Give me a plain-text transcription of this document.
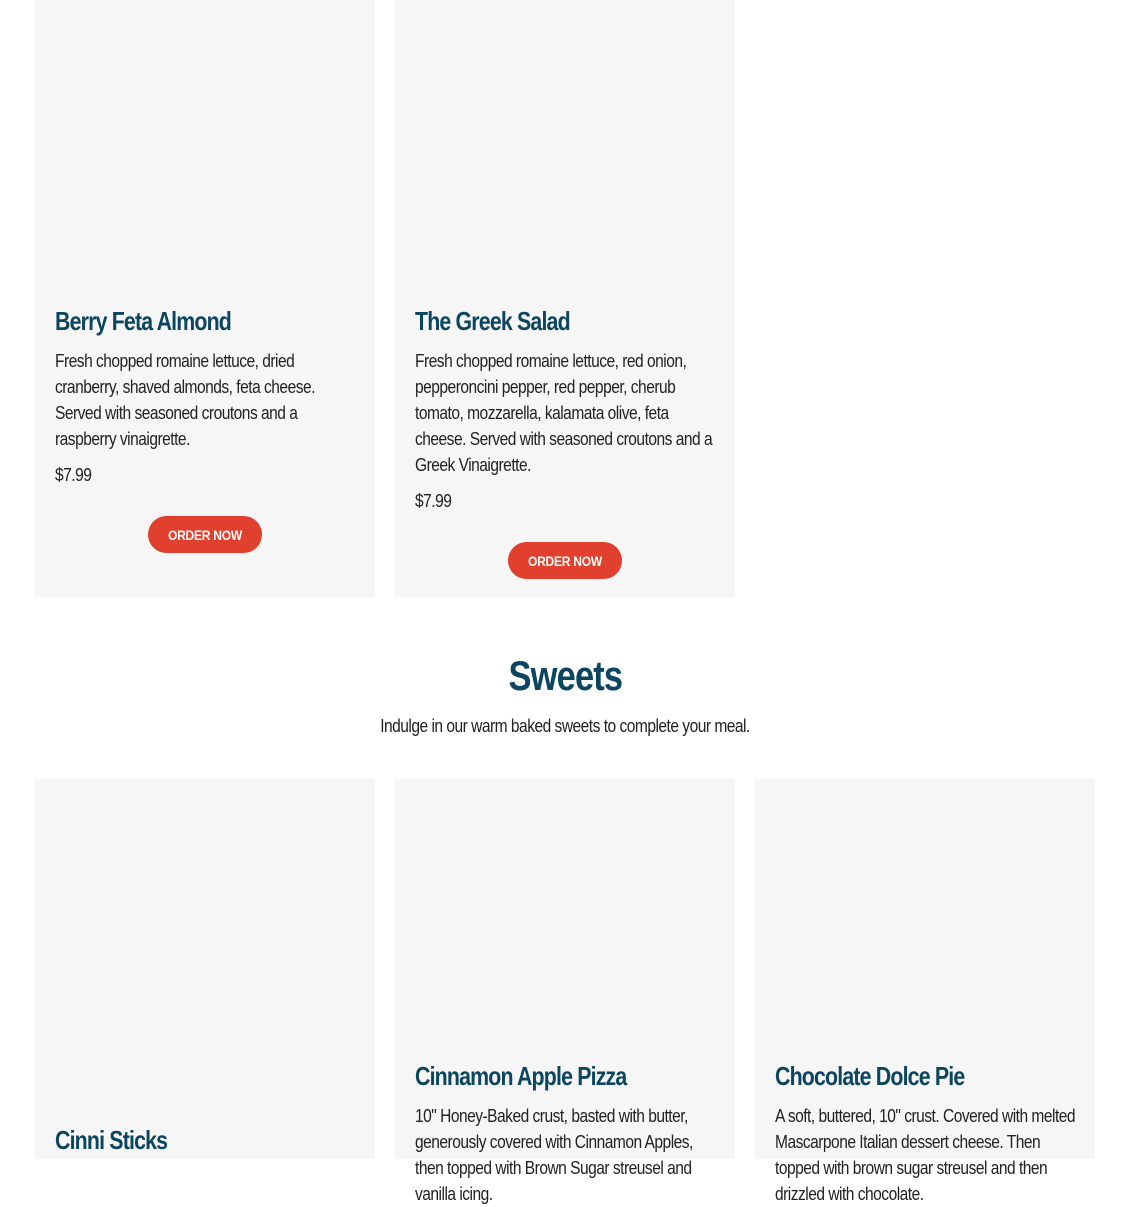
Berry Feta Almond

Fresh chopped romaine lettuce, dried cranberry, shaved almonds, feta cheese. Served with seasoned croutons and a raspberry vinaigrette.

$7.99

ORDER NOW
The Greek Salad

Fresh chopped romaine lettuce, red onion, pepperoncini pepper, red pepper, cherub tomato, mozzarella, kalamata olive, feta cheese. Served with seasoned croutons and a Greek Vinaigrette.

$7.99

ORDER NOW
Sweets

Indulge in our warm baked sweets to complete your meal.

Cinni Sticks

Cinnamon Apple Pizza

10" Honey-Baked crust, basted with butter, generously covered with Cinnamon Apples, then topped with Brown Sugar streusel and vanilla icing.

Chocolate Dolce Pie

A soft, buttered, 10" crust. Covered with melted Mascarpone Italian dessert cheese. Then topped with brown sugar streusel and then drizzled with chocolate.
